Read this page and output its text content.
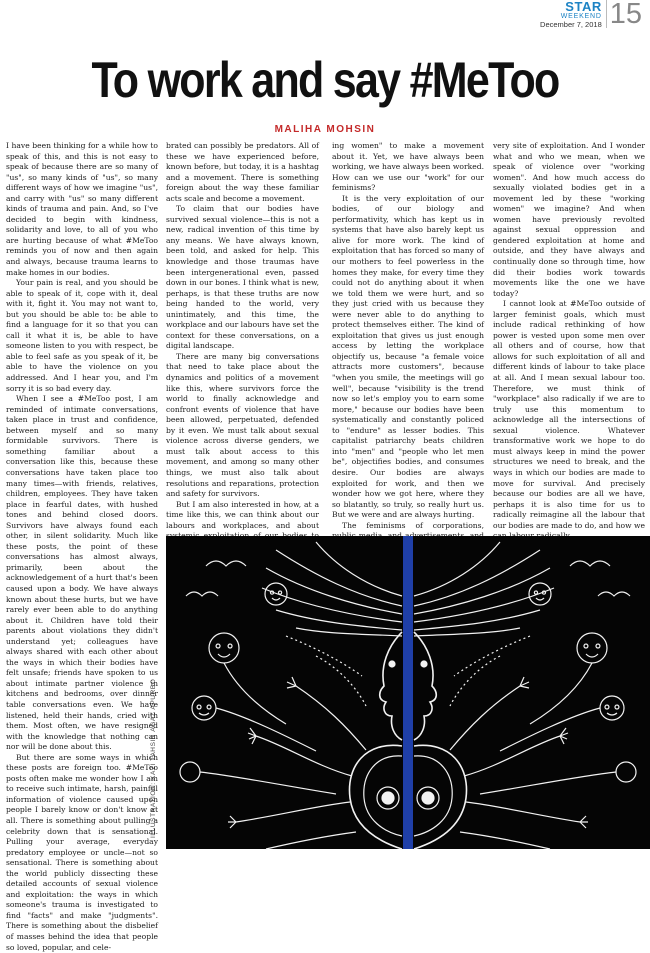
STAR
WEEKEND
December 7, 2018 15
To work and say #MeToo
MALIHA MOHSIN

I have been thinking for a while how to speak of this, and this is not easy to speak of because there are so many of "us", so many kinds of "us", so many different ways of how we imagine "us", and carry with "us" so many different kinds of trauma and pain. And, so I've decided to begin with kindness, solidarity and love, to all of you who are hurting because of what #MeToo reminds you of now and then again and always, because trauma learns to make homes in our bodies.

Your pain is real, and you should be able to speak of it, cope with it, deal with it, fight it. You may not want to, but you should be able to: be able to find a language for it so that you can call it what it is, be able to have someone listen to you with respect, be able to feel safe as you speak of it, be able to have the violence on you addressed. And I hear you, and I'm sorry it is so bad every day.

When I see a #MeToo post, I am reminded of intimate conversations, taken place in trust and confidence, between myself and so many formidable survivors. There is something familiar about a conversation like this, because these conversations have taken place too many times—with friends, relatives, children, employees. They have taken place in fearful dates, with hushed tones and behind closed doors. Survivors have always found each other, in silent solidarity. Much like these posts, the point of these conversations has almost always, primarily, been about the acknowledgement of a hurt that's been caused upon a body. We have always known about these hurts, but we have rarely ever been able to do anything about it. Children have told their parents about violations they didn't understand yet; colleagues have always shared with each other about the ways in which their bodies have felt unsafe; friends have spoken to us about intimate partner violence in kitchens and bedrooms, over dinner table conversations even. We have listened, held their hands, cried with them. Most often, we have resigned with the knowledge that nothing can nor will be done about this.

But there are some ways in which these posts are foreign too. #MeToo posts often make me wonder how I am to receive such intimate, harsh, painful information of violence caused upon people I barely know or don't know at all. There is something about pulling a celebrity down that is sensational. Pulling your average, everyday predatory employee or uncle—not so sensational. There is something about the world publicly dissecting these detailed accounts of sexual violence and exploitation: the ways in which someone's trauma is investigated to find "facts" and make "judgments". There is something about the disbelief of masses behind the idea that people so loved, popular, and cele-

brated can possibly be predators. All of these we have experienced before, known before, but today, it is a hashtag and a movement. There is something foreign about the way these familiar acts scale and become a movement.

To claim that our bodies have survived sexual violence—this is not a new, radical invention of this time by any means. We have always known, been told, and asked for help. This knowledge and those traumas have been intergenerational even, passed down in our bones. I think what is new, perhaps, is that these truths are now being handed to the world, very unintimately, and this time, the workplace and our labours have set the context for these conversations, on a digital landscape.

There are many big conversations that need to take place about the dynamics and politics of a movement like this, where survivors force the world to finally acknowledge and confront events of violence that have been allowed, perpetuated, defended by it even. We must talk about sexual violence across diverse genders, we must talk about access to this movement, and among so many other things, we must also talk about resolutions and reparations, protection and safety for survivors.

But I am also interested in how, at a time like this, we can think about our labours and workplaces, and about

ing women" to make a movement about it. Yet, we have always been working, we have always been worked. How can we use our "work" for our feminisms?

It is the very exploitation of our bodies, of our biology and performativity, which has kept us in systems that have also barely kept us alive for more work. The kind of exploitation that has forced so many of our mothers to feel powerless in the homes they make, for every time they could not do anything about it when we told them we were hurt, and so they just cried with us because they were never able to do anything to protect themselves either. The kind of exploitation that gives us just enough access by letting the workplace objectify us, because "a female voice attracts more customers", because "when you smile, the meetings will go well", because "visibility is the trend now so let's employ you to earn some more," because our bodies have been systematically and constantly policed to "endure" as lesser bodies. This capitalist patriarchy beats children into "men" and "people who let men be", objectifies bodies, and consumes desire. Our bodies are always exploited for work, and then we wonder how we got here, where they so blatantly, so truly, so really hurt us. But we were and are always hurting.

The feminisms of corporations,

very site of exploitation. And I wonder what and who we mean, when we speak of violence over "working women". And how much access do sexually violated bodies get in a movement led by these "working women" we imagine? And when women have previously revolted against sexual oppression and gendered exploitation at home and outside, and they have always and continually done so through time, how did their bodies work towards movements like the one we have today?

I cannot look at #MeToo outside of larger feminist goals, which must include radical rethinking of how power is vested upon some men over all others and of course, how that allows for such exploitation of all and different kinds of labour to take place at all. And I mean sexual labour too. Therefore, we must think of "workplace" also radically if we are to truly use this momentum to acknowledge all the intersections of sexual violence. Whatever transformative work we hope to do must always keep in mind the power structures we need to break, and the ways in which our bodies are made to move for survival. And precisely because our bodies are all we have, perhaps it is also time for us to radically reimagine all the labour that our bodies are made to do, and how we

ILLUSTRATION: KAZI TAHSIN AGAZ APURBO
